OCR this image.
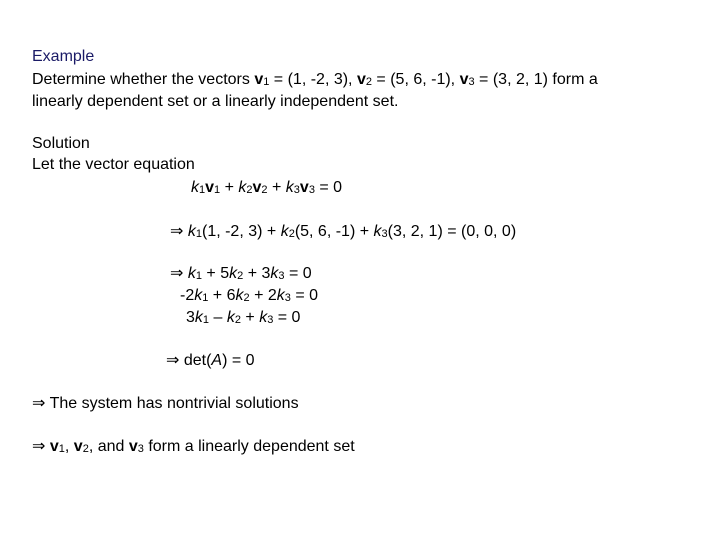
Example
Determine whether the vectors $v_1 = (1$, -2, 3), $v_2 = (5$, 6, -1), $v_3 = (3$, 2, 1) form a
linearly dependent set or a linearly independent set.
Solution
Let the vector equation
$k_1v_1 + k_2v_2 + k_3v_3 = 0$
⇒ $k_1(1$, -2, $3) + k_2(5$, 6, $-1) + k_3(3$, 2, 1) = (0, 0, 0)
⇒ $k_1 + 5k_2 + 3k_3 = 0$
$-2k_1 + 6k_2 + 2k_3 = 0$
$3k_1 - k_2 + k_3 = 0$
⇒ det(A) = 0
⇒ The system has nontrivial solutions
⇒ $v_1$, $v_2$, and $v_3$ form a linearly dependent set
